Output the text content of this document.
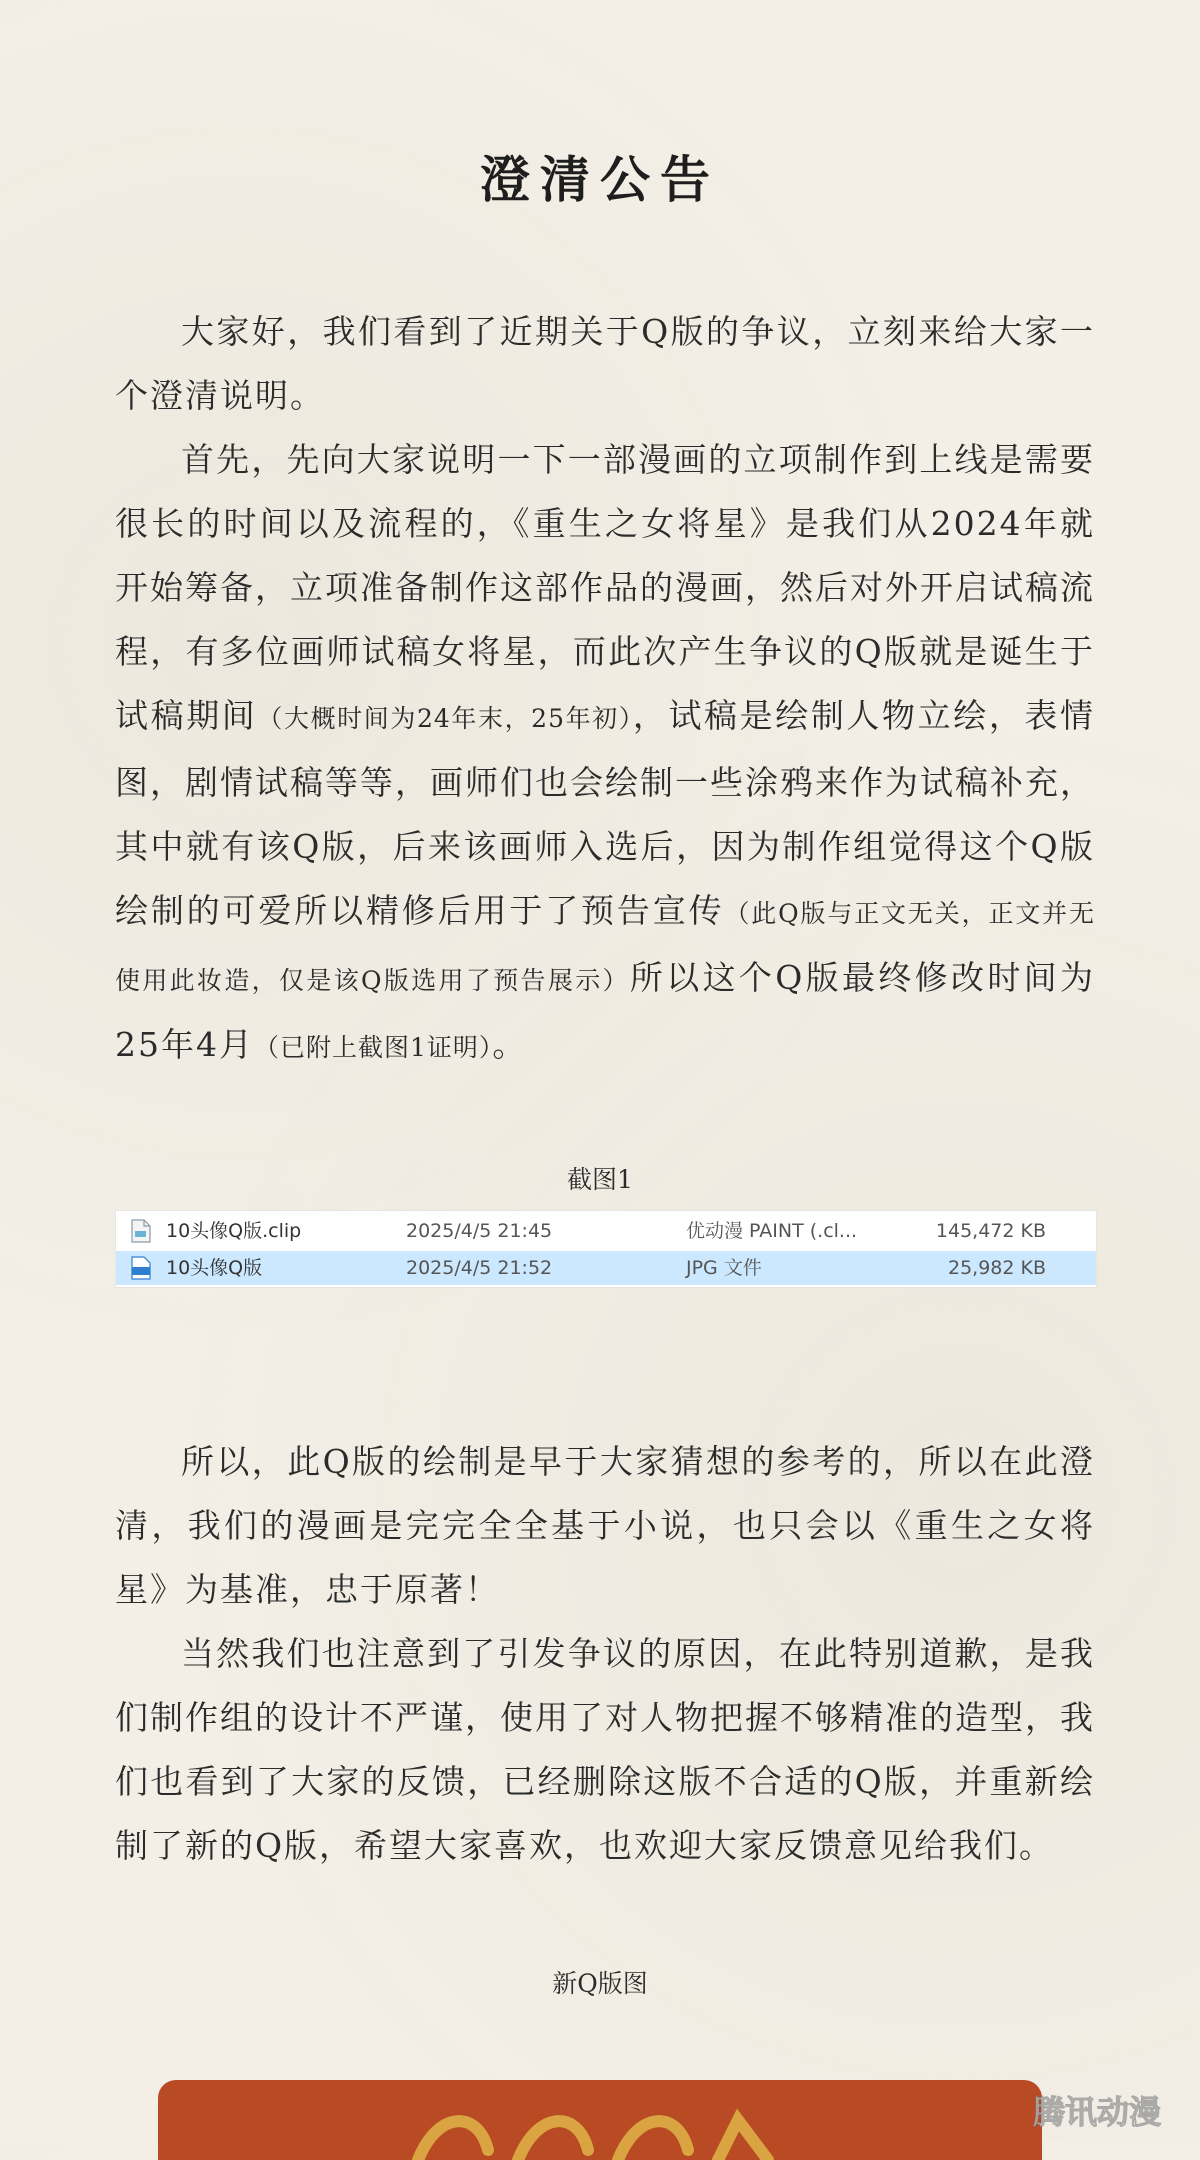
澄清公告

大家好，我们看到了近期关于Q版的争议，立刻来给大家一个澄清说明。

首先，先向大家说明一下一部漫画的立项制作到上线是需要很长的时间以及流程的，《重生之女将星》是我们从2024年就开始筹备，立项准备制作这部作品的漫画，然后对外开启试稿流程，有多位画师试稿女将星，而此次产生争议的Q版就是诞生于试稿期间（大概时间为24年末，25年初），试稿是绘制人物立绘，表情图，剧情试稿等等，画师们也会绘制一些涂鸦来作为试稿补充，其中就有该Q版，后来该画师入选后，因为制作组觉得这个Q版绘制的可爱所以精修后用于了预告宣传（此Q版与正文无关，正文并无使用此妆造，仅是该Q版选用了预告展示）所以这个Q版最终修改时间为25年4月（已附上截图1证明）。

截图1
10头像Q版.clip	2025/4/5 21:45	优动漫 PAINT (.cl...	145,472 KB
10头像Q版	2025/4/5 21:52	JPG 文件	25,982 KB

所以，此Q版的绘制是早于大家猜想的参考的，所以在此澄清，我们的漫画是完完全全基于小说，也只会以《重生之女将星》为基准，忠于原著！

当然我们也注意到了引发争议的原因，在此特别道歉，是我们制作组的设计不严谨，使用了对人物把握不够精准的造型，我们也看到了大家的反馈，已经删除这版不合适的Q版，并重新绘制了新的Q版，希望大家喜欢，也欢迎大家反馈意见给我们。

新Q版图
腾讯动漫
